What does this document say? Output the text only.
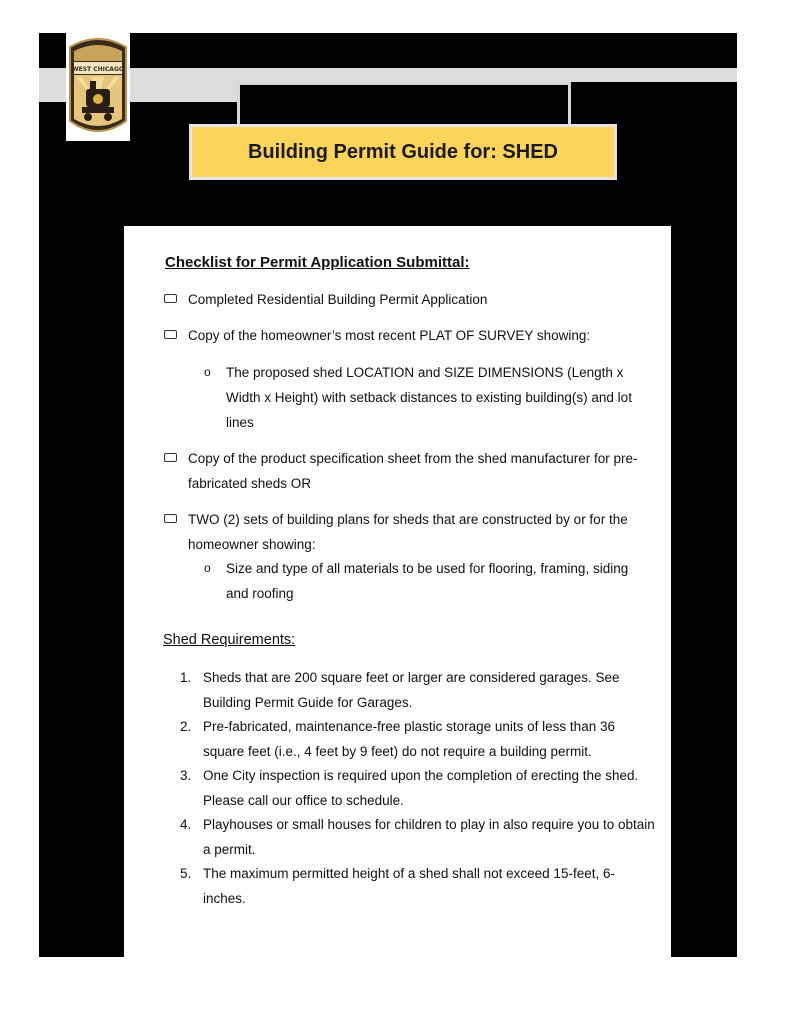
WEST CHICAGO
Building Permit Guide for: SHED
Checklist for Permit Application Submittal:
Completed Residential Building Permit Application
Copy of the homeowner’s most recent PLAT OF SURVEY showing:
o The proposed shed LOCATION and SIZE DIMENSIONS (Length x Width x Height) with setback distances to existing building(s) and lot lines
Copy of the product specification sheet from the shed manufacturer for pre-fabricated sheds OR
TWO (2) sets of building plans for sheds that are constructed by or for the homeowner showing:
o Size and type of all materials to be used for flooring, framing, siding and roofing
Shed Requirements:
1. Sheds that are 200 square feet or larger are considered garages. See Building Permit Guide for Garages.
2. Pre-fabricated, maintenance-free plastic storage units of less than 36 square feet (i.e., 4 feet by 9 feet) do not require a building permit.
3. One City inspection is required upon the completion of erecting the shed. Please call our office to schedule.
4. Playhouses or small houses for children to play in also require you to obtain a permit.
5. The maximum permitted height of a shed shall not exceed 15-feet, 6-inches.
